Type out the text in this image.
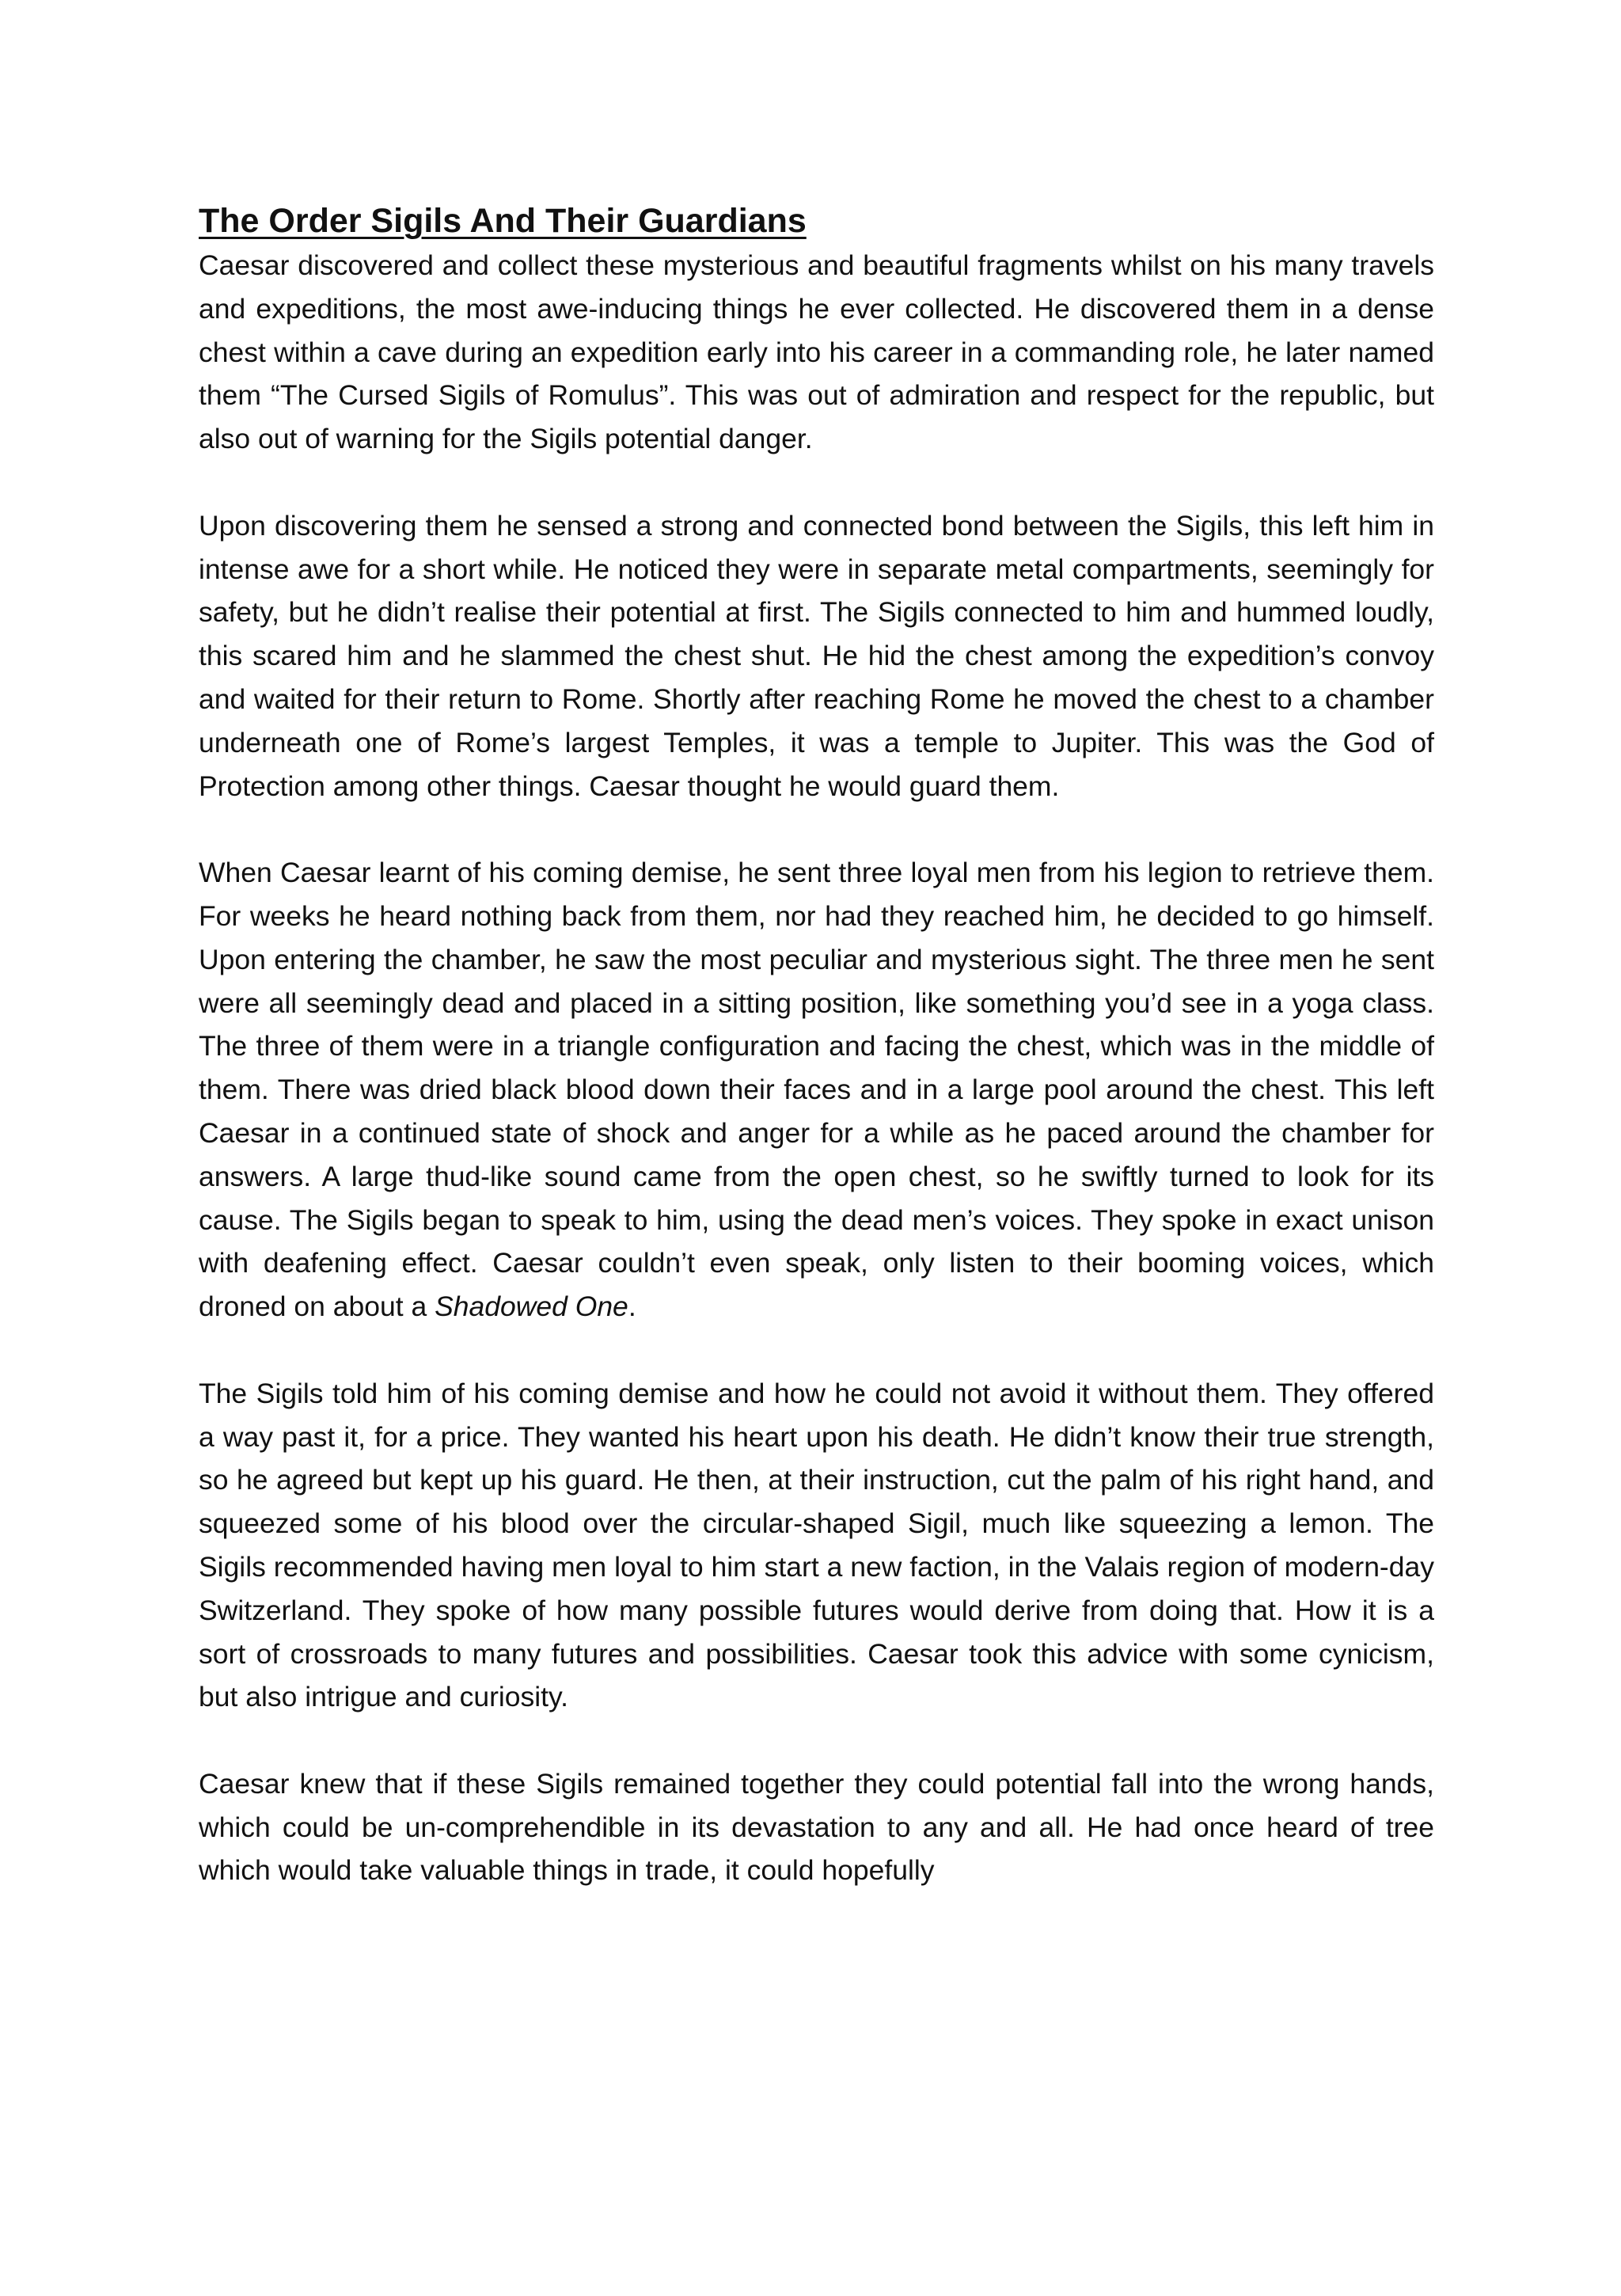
The Order Sigils And Their Guardians

Caesar discovered and collect these mysterious and beautiful fragments whilst on his many travels and expeditions, the most awe-inducing things he ever collected. He discovered them in a dense chest within a cave during an expedition early into his career in a commanding role, he later named them “The Cursed Sigils of Romulus”. This was out of admiration and respect for the republic, but also out of warning for the Sigils potential danger.

Upon discovering them he sensed a strong and connected bond between the Sigils, this left him in intense awe for a short while. He noticed they were in separate metal compartments, seemingly for safety, but he didn’t realise their potential at first. The Sigils connected to him and hummed loudly, this scared him and he slammed the chest shut. He hid the chest among the expedition’s convoy and waited for their return to Rome. Shortly after reaching Rome he moved the chest to a chamber underneath one of Rome’s largest Temples, it was a temple to Jupiter. This was the God of Protection among other things. Caesar thought he would guard them.

When Caesar learnt of his coming demise, he sent three loyal men from his legion to retrieve them. For weeks he heard nothing back from them, nor had they reached him, he decided to go himself. Upon entering the chamber, he saw the most peculiar and mysterious sight. The three men he sent were all seemingly dead and placed in a sitting position, like something you’d see in a yoga class. The three of them were in a triangle configuration and facing the chest, which was in the middle of them. There was dried black blood down their faces and in a large pool around the chest. This left Caesar in a continued state of shock and anger for a while as he paced around the chamber for answers. A large thud-like sound came from the open chest, so he swiftly turned to look for its cause. The Sigils began to speak to him, using the dead men’s voices. They spoke in exact unison with deafening effect. Caesar couldn’t even speak, only listen to their booming voices, which droned on about a Shadowed One.

The Sigils told him of his coming demise and how he could not avoid it without them. They offered a way past it, for a price. They wanted his heart upon his death. He didn’t know their true strength, so he agreed but kept up his guard. He then, at their instruction, cut the palm of his right hand, and squeezed some of his blood over the circular-shaped Sigil, much like squeezing a lemon. The Sigils recommended having men loyal to him start a new faction, in the Valais region of modern-day Switzerland. They spoke of how many possible futures would derive from doing that. How it is a sort of crossroads to many futures and possibilities. Caesar took this advice with some cynicism, but also intrigue and curiosity.

Caesar knew that if these Sigils remained together they could potential fall into the wrong hands, which could be un-comprehendible in its devastation to any and all. He had once heard of tree which would take valuable things in trade, it could hopefully
